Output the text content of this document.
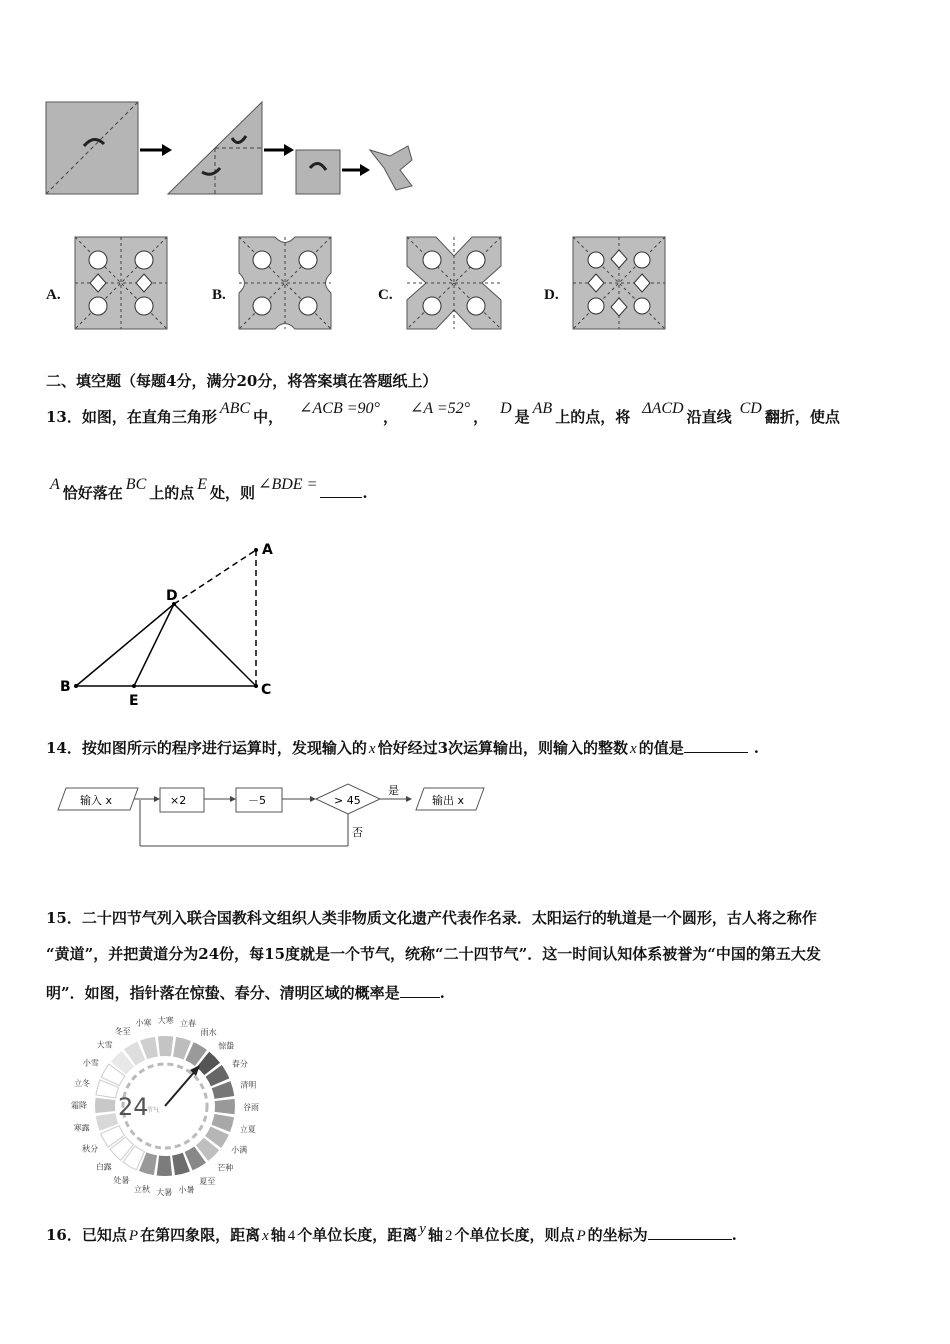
A.	B.	C.	D.
二、填空题（每题4分，满分20分，将答案填在答题纸上）
13．如图，在直角三角形 ABC 中， ∠ACB =90° ， ∠A =52° ， D 是 AB 上的点，将 ΔACD 沿直线 CD 翻折，使点
A 恰好落在 BC 上的点 E 处，则 ∠BDE =	.
A
B	C
D
E
14．按如图所示的程序进行运算时，发现输入的 x 恰好经过3次运算输出，则输入的整数 x 的值是	.
输入 x	×2	－5	> 45
是
输出 x
否
15．二十四节气列入联合国教科文组织人类非物质文化遗产代表作名录．太阳运行的轨道是一个圆形，古人将之称作
“黄道”，并把黄道分为24份，每15度就是一个节气，统称“二十四节气”．这一时间认知体系被誉为“中国的第五大发
明”．如图，指针落在惊蛰、春分、清明区域的概率是	.
小寒 大寒 立春
雨水
惊蛰
春分
清明
谷雨
立夏
小满
芒种
夏至
小暑
大暑
立秋
处暑
白露
秋分
寒露
霜降
立冬
小雪
大雪
冬至
24
节气
16．已知点 P 在第四象限，距离 x 轴 4 个单位长度，距离 y 轴 2 个单位长度，则点 P 的坐标为	.
